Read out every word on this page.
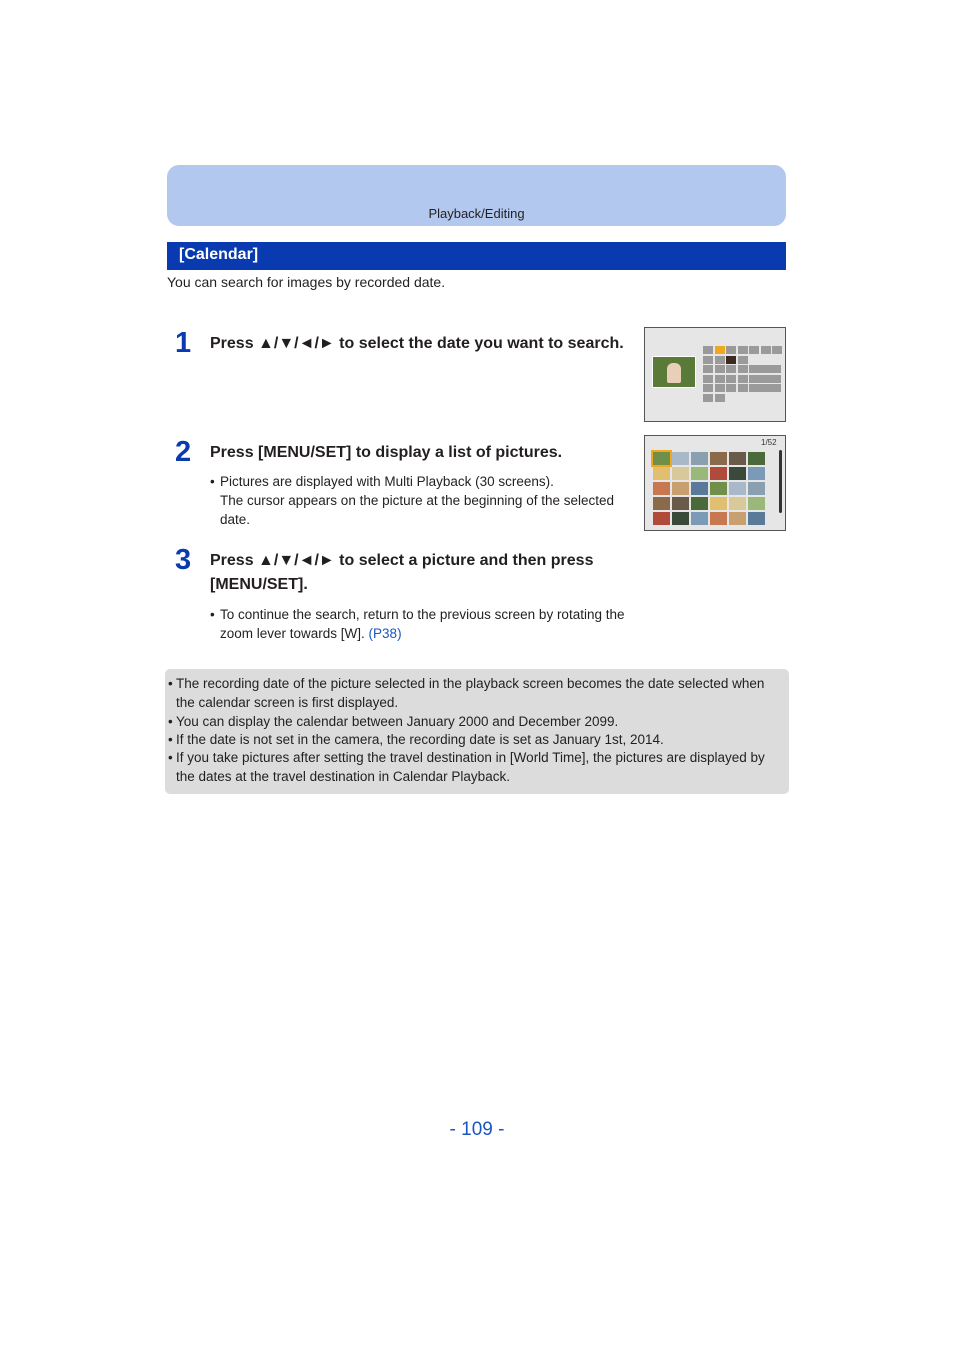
Playback/Editing
[Calendar]
You can search for images by recorded date.
1 Press ▲/▼/◄/► to select the date you want to search.
2 Press [MENU/SET] to display a list of pictures.
• Pictures are displayed with Multi Playback (30 screens).
The cursor appears on the picture at the beginning of the selected date.
1/52
3 Press ▲/▼/◄/► to select a picture and then press
[MENU/SET].
• To continue the search, return to the previous screen by rotating the zoom lever towards [W]. (P38)
• The recording date of the picture selected in the playback screen becomes the date selected when the calendar screen is first displayed.
• You can display the calendar between January 2000 and December 2099.
• If the date is not set in the camera, the recording date is set as January 1st, 2014.
• If you take pictures after setting the travel destination in [World Time], the pictures are displayed by the dates at the travel destination in Calendar Playback.
- 109 -
